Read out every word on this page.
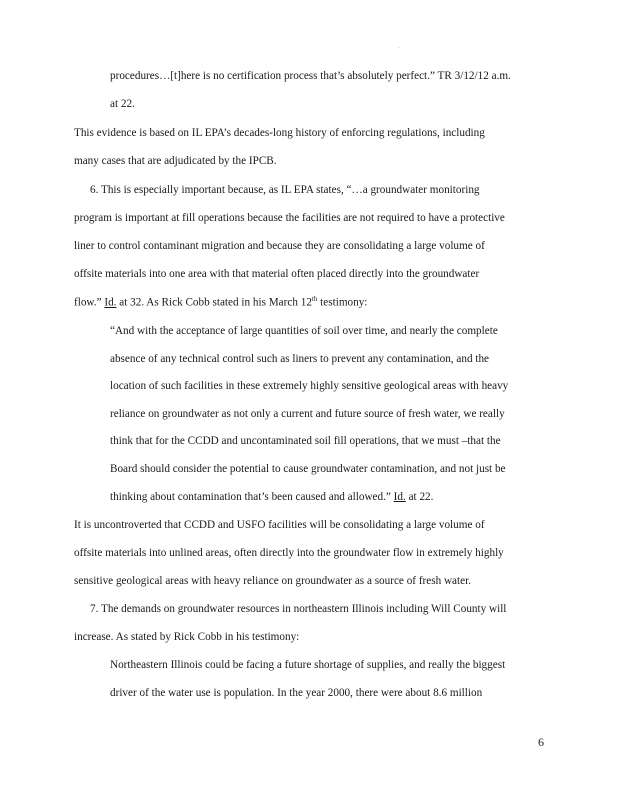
.
procedures…[t]here is no certification process that’s absolutely perfect.” TR 3/12/12 a.m.
at 22.
This evidence is based on IL EPA’s decades-long history of enforcing regulations, including
many cases that are adjudicated by the IPCB.
6. This is especially important because, as IL EPA states, “…a groundwater monitoring
program is important at fill operations because the facilities are not required to have a protective
liner to control contaminant migration and because they are consolidating a large volume of
offsite materials into one area with that material often placed directly into the groundwater
flow.” Id. at 32. As Rick Cobb stated in his March 12th testimony:
“And with the acceptance of large quantities of soil over time, and nearly the complete
absence of any technical control such as liners to prevent any contamination, and the
location of such facilities in these extremely highly sensitive geological areas with heavy
reliance on groundwater as not only a current and future source of fresh water, we really
think that for the CCDD and uncontaminated soil fill operations, that we must –that the
Board should consider the potential to cause groundwater contamination, and not just be
thinking about contamination that’s been caused and allowed.” Id. at 22.
It is uncontroverted that CCDD and USFO facilities will be consolidating a large volume of
offsite materials into unlined areas, often directly into the groundwater flow in extremely highly
sensitive geological areas with heavy reliance on groundwater as a source of fresh water.
7. The demands on groundwater resources in northeastern Illinois including Will County will
increase. As stated by Rick Cobb in his testimony:
Northeastern Illinois could be facing a future shortage of supplies, and really the biggest
driver of the water use is population. In the year 2000, there were about 8.6 million
6
